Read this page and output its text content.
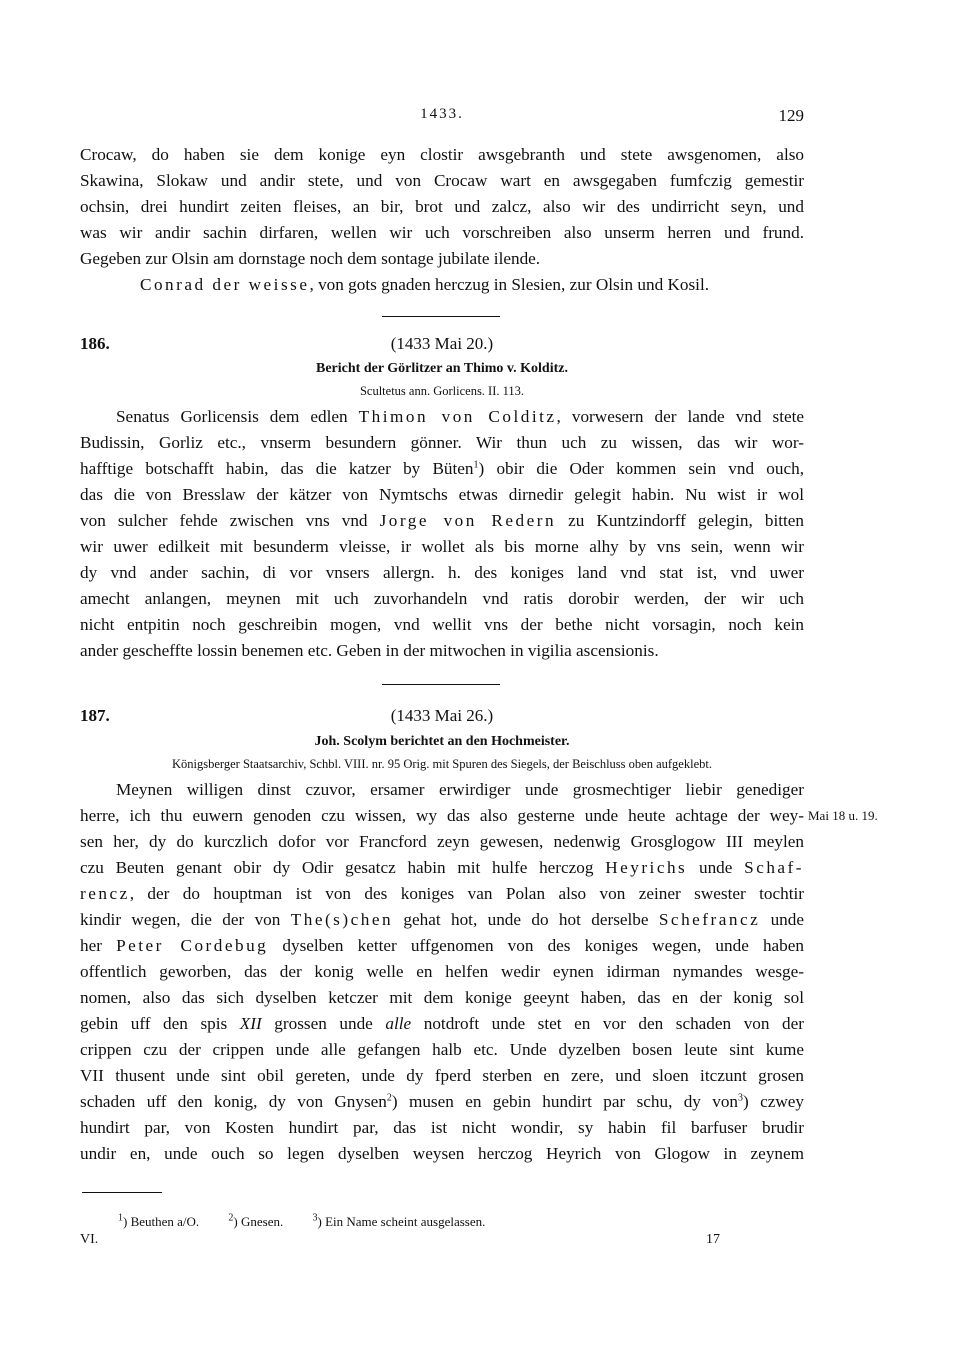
1433.	129
Crocaw, do haben sie dem konige eyn clostir awsgebranth und stete awsgenomen, also
Skawina, Slokaw und andir stete, und von Crocaw wart en awsgegaben fumfczig gemestir
ochsin, drei hundirt zeiten fleises, an bir, brot und zalcz, also wir des undirricht seyn, und
was wir andir sachin dirfaren, wellen wir uch vorschreiben also unserm herren und frund.
Gegeben zur Olsin am dornstage noch dem sontage jubilate ilende.
Conrad der weisse, von gots gnaden herczug in Slesien, zur Olsin und Kosil.
186.	(1433 Mai 20.)
Bericht der Görlitzer an Thimo v. Kolditz.
Scultetus ann. Gorlicens. II. 113.
Senatus Gorlicensis dem edlen Thimon von Colditz, vorwesern der lande vnd stete
Budissin, Gorliz etc., vnserm besundern gönner. Wir thun uch zu wissen, das wir wor-
hafftige botschafft habin, das die katzer by Büten$^1$) obir die Oder kommen sein vnd ouch,
das die von Bresslaw der kätzer von Nymtschs etwas dirnedir gelegit habin. Nu wist ir wol
von sulcher fehde zwischen vns vnd Jorge von Redern zu Kuntzindorff gelegin, bitten
wir uwer edilkeit mit besunderm vleisse, ir wollet als bis morne alhy by vns sein, wenn wir
dy vnd ander sachin, di vor vnsers allergn. h. des koniges land vnd stat ist, vnd uwer
amecht anlangen, meynen mit uch zuvorhandeln vnd ratis dorobir werden, der wir uch
nicht entpitin noch geschreibin mogen, vnd wellit vns der bethe nicht vorsagin, noch kein
ander gescheffte lossin benemen etc. Geben in der mitwochen in vigilia ascensionis.
187.	(1433 Mai 26.)
Joh. Scolym berichtet an den Hochmeister.
Königsberger Staatsarchiv, Schbl. VIII. nr. 95 Orig. mit Spuren des Siegels, der Beischluss oben aufgeklebt.
Meynen willigen dinst czuvor, ersamer erwirdiger unde grosmechtiger liebir genediger
herre, ich thu euwern genoden czu wissen, wy das also gesterne unde heute achtage der wey- Mai 18 u. 19.
sen her, dy do kurczlich dofor vor Francford zeyn gewesen, nedenwig Grosglogow III meylen
czu Beuten genant obir dy Odir gesatcz habin mit hulfe herczog Heyrichs unde Schaf-
rencz, der do houptman ist von des koniges van Polan also von zeiner swester tochtir
kindir wegen, die der von The(s)chen gehat hot, unde do hot derselbe Schefrancz unde
her Peter Cordebug dyselben ketter uffgenomen von des koniges wegen, unde haben
offentlich geworben, das der konig welle en helfen wedir eynen idirman nymandes wesge-
nomen, also das sich dyselben ketczer mit dem konige geeynt haben, das en der konig sol
gebin uff den spis XII grossen unde alle notdroft unde stet en vor den schaden von der
crippen czu der crippen unde alle gefangen halb etc. Unde dyzelben bosen leute sint kume
VII thusent unde sint obil gereten, unde dy fperd sterben en zere, und sloen itczunt grosen
schaden uff den konig, dy von Gnysen$^2$) musen en gebin hundirt par schu, dy von$^3$) czwey
hundirt par, von Kosten hundirt par, das ist nicht wondir, sy habin fil barfuser brudir
undir en, unde ouch so legen dyselben weysen herczog Heyrich von Glogow in zeynem
$^1$) Beuthen a/O.	$^2$) Gnesen.	$^3$) Ein Name scheint ausgelassen.
VI.	17
